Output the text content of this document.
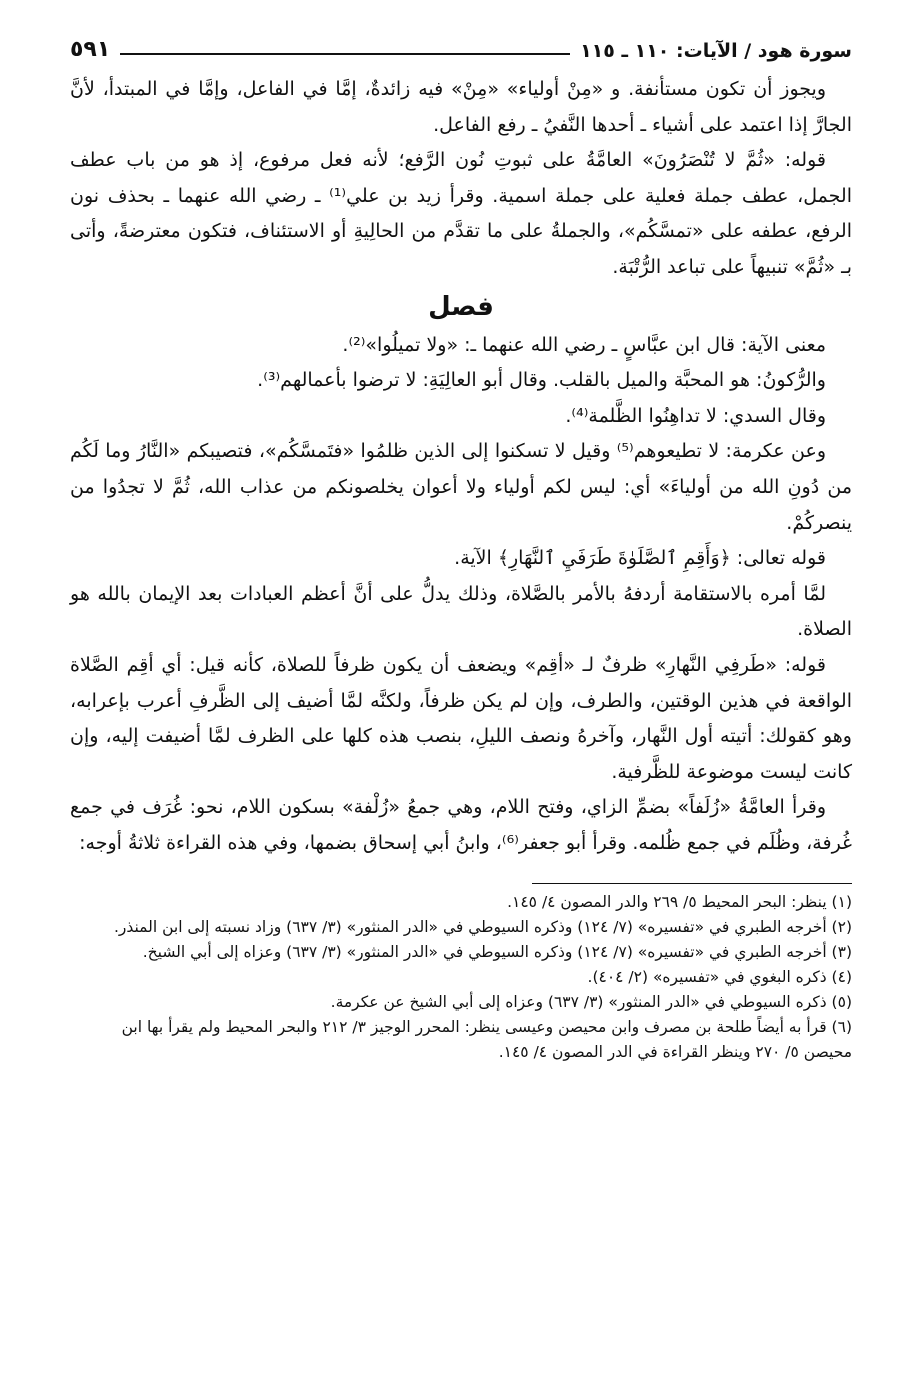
سورة هود / الآيات: ١١٠ ـ ١١٥
٥٩١

ويجوز أن تكون مستأنفة. و «مِنْ أولياء» «مِنْ» فيه زائدةٌ، إمَّا في الفاعل، وإمَّا في المبتدأ، لأنَّ الجارَّ إذا اعتمد على أشياء ـ أحدها النَّفيُ ـ رفع الفاعل.

قوله: «ثُمَّ لا تُنْصَرُونَ» العامَّةُ على ثبوتِ نُون الرَّفع؛ لأنه فعل مرفوع، إذ هو من باب عطف الجمل، عطف جملة فعلية على جملة اسمية. وقرأ زيد بن علي⁽¹⁾ ـ رضي الله عنهما ـ بحذف نون الرفع، عطفه على «تمسَّكُم»، والجملةُ على ما تقدَّم من الحالِيةِ أو الاستئناف، فتكون معترضةً، وأتى بـ «ثُمَّ» تنبيهاً على تباعد الرُّتْبَة.

فصل

معنى الآية: قال ابن عبَّاسٍ ـ رضي الله عنهما ـ: «ولا تميلُوا»⁽²⁾.

والرُّكونُ: هو المحبَّة والميل بالقلب. وقال أبو العالِيَةِ: لا ترضوا بأعمالهم⁽³⁾.

وقال السدي: لا تداهِنُوا الظَّلمة⁽⁴⁾.

وعن عكرمة: لا تطيعوهم⁽⁵⁾ وقيل لا تسكنوا إلى الذين ظلمُوا «فتَمسَّكُم»، فتصيبكم «النَّارُ وما لَكُم من دُونِ الله من أولياءَ» أي: ليس لكم أولياء ولا أعوان يخلصونكم من عذاب الله، ثُمَّ لا تجدُوا من ينصركُمْ.

قوله تعالى: ﴿وَأَقِمِ ٱلصَّلَوٰةَ طَرَفَيِ ٱلنَّهَارِ﴾ الآية.

لمَّا أمره بالاستقامة أردفهُ بالأمر بالصَّلاة، وذلك يدلُّ على أنَّ أعظم العبادات بعد الإيمان بالله هو الصلاة.

قوله: «طَرفِي النَّهارِ» ظرفٌ لـ «أقِم» ويضعف أن يكون ظرفاً للصلاة، كأنه قيل: أي أقِم الصَّلاة الواقعة في هذين الوقتين، والطرف، وإن لم يكن ظرفاً، ولكنَّه لمَّا أضيف إلى الظَّرفِ أعرب بإعرابه، وهو كقولك: أتيته أول النَّهار، وآخرهُ ونصف الليلِ، بنصب هذه كلها على الظرف لمَّا أضيفت إليه، وإن كانت ليست موضوعة للظَّرفية.

وقرأ العامَّةُ «زُلَفاً» بضمِّ الزاي، وفتح اللام، وهي جمعُ «زُلْفة» بسكون اللام، نحو: غُرَف في جمع غُرفة، وظُلَم في جمع ظُلمه. وقرأ أبو جعفر⁽⁶⁾، وابنُ أبي إسحاق بضمها، وفي هذه القراءة ثلاثةُ أوجه:

(١) ينظر: البحر المحيط ٥/ ٢٦٩ والدر المصون ٤/ ١٤٥.

(٢) أخرجه الطبري في «تفسيره» (٧/ ١٢٤) وذكره السيوطي في «الدر المنثور» (٣/ ٦٣٧) وزاد نسبته إلى ابن المنذر.

(٣) أخرجه الطبري في «تفسيره» (٧/ ١٢٤) وذكره السيوطي في «الدر المنثور» (٣/ ٦٣٧) وعزاه إلى أبي الشيخ.

(٤) ذكره البغوي في «تفسيره» (٢/ ٤٠٤).

(٥) ذكره السيوطي في «الدر المنثور» (٣/ ٦٣٧) وعزاه إلى أبي الشيخ عن عكرمة.

(٦) قرأ به أيضاً طلحة بن مصرف وابن محيصن وعيسى ينظر: المحرر الوجيز ٣/ ٢١٢ والبحر المحيط ولم يقرأ بها ابن محيصن ٥/ ٢٧٠ وينظر القراءة في الدر المصون ٤/ ١٤٥.
